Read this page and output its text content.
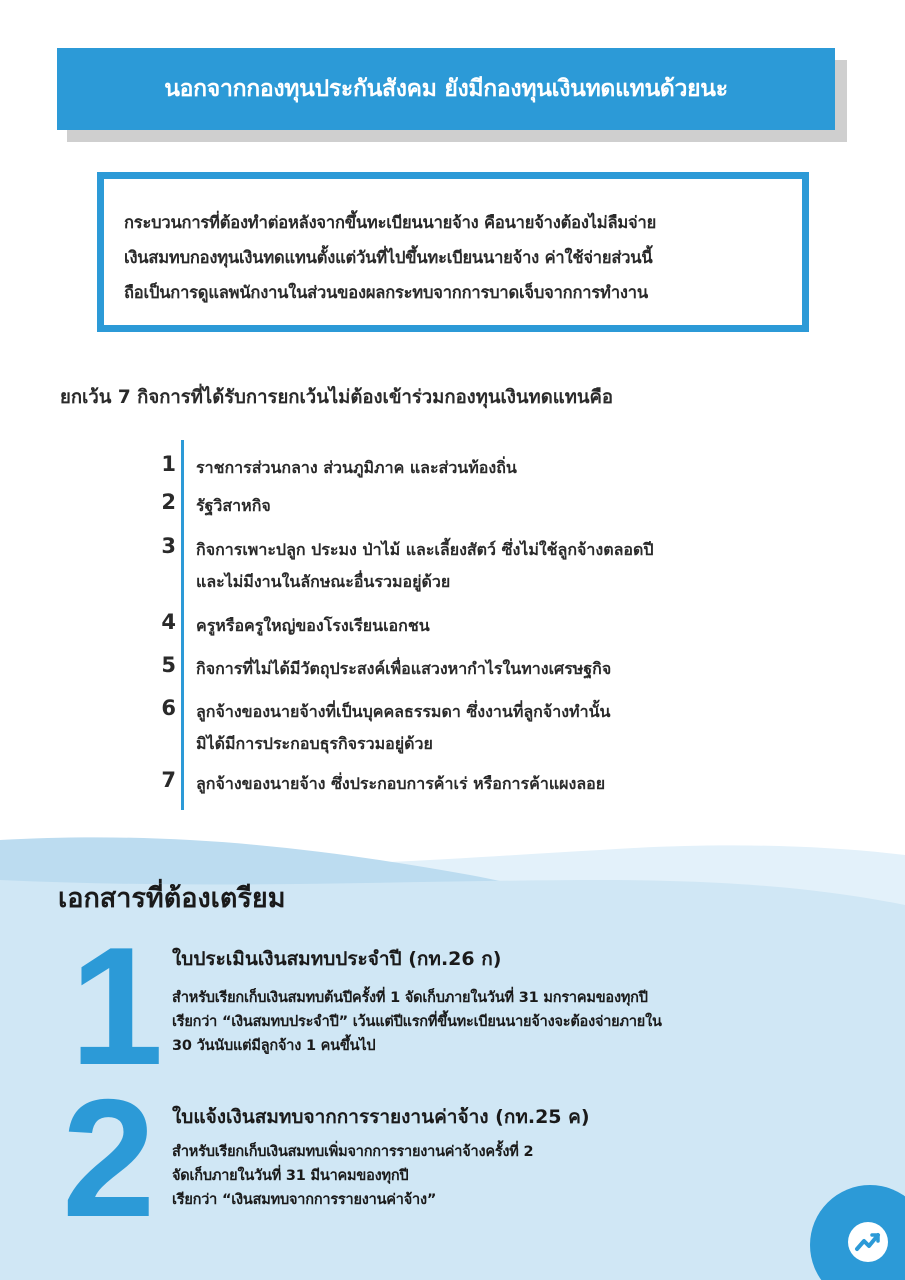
นอกจากกองทุนประกันสังคม ยังมีกองทุนเงินทดแทนด้วยนะ

กระบวนการที่ต้องทำต่อหลังจากขึ้นทะเบียนนายจ้าง คือนายจ้างต้องไม่ลืมจ่าย

เงินสมทบกองทุนเงินทดแทนตั้งแต่วันที่ไปขึ้นทะเบียนนายจ้าง ค่าใช้จ่ายส่วนนี้

ถือเป็นการดูแลพนักงานในส่วนของผลกระทบจากการบาดเจ็บจากการทำงาน

ยกเว้น 7 กิจการที่ได้รับการยกเว้นไม่ต้องเข้าร่วมกองทุนเงินทดแทนคือ
1 ราชการส่วนกลาง ส่วนภูมิภาค และส่วนท้องถิ่น
2 รัฐวิสาหกิจ
3 กิจการเพาะปลูก ประมง ป่าไม้ และเลี้ยงสัตว์ ซึ่งไม่ใช้ลูกจ้างตลอดปี
และไม่มีงานในลักษณะอื่นรวมอยู่ด้วย
4 ครูหรือครูใหญ่ของโรงเรียนเอกชน
5 กิจการที่ไม่ได้มีวัตถุประสงค์เพื่อแสวงหากำไรในทางเศรษฐกิจ
6 ลูกจ้างของนายจ้างที่เป็นบุคคลธรรมดา ซึ่งงานที่ลูกจ้างทำนั้น
มิได้มีการประกอบธุรกิจรวมอยู่ด้วย
7 ลูกจ้างของนายจ้าง ซึ่งประกอบการค้าเร่ หรือการค้าแผงลอย
เอกสารที่ต้องเตรียม
1 ใบประเมินเงินสมทบประจำปี (กท.26 ก)
สำหรับเรียกเก็บเงินสมทบต้นปีครั้งที่ 1 จัดเก็บภายในวันที่ 31 มกราคมของทุกปี
เรียกว่า “เงินสมทบประจำปี” เว้นแต่ปีแรกที่ขึ้นทะเบียนนายจ้างจะต้องจ่ายภายใน
30 วันนับแต่มีลูกจ้าง 1 คนขึ้นไป
2 ใบแจ้งเงินสมทบจากการรายงานค่าจ้าง (กท.25 ค)
สำหรับเรียกเก็บเงินสมทบเพิ่มจากการรายงานค่าจ้างครั้งที่ 2
จัดเก็บภายในวันที่ 31 มีนาคมของทุกปี
เรียกว่า “เงินสมทบจากการรายงานค่าจ้าง”
